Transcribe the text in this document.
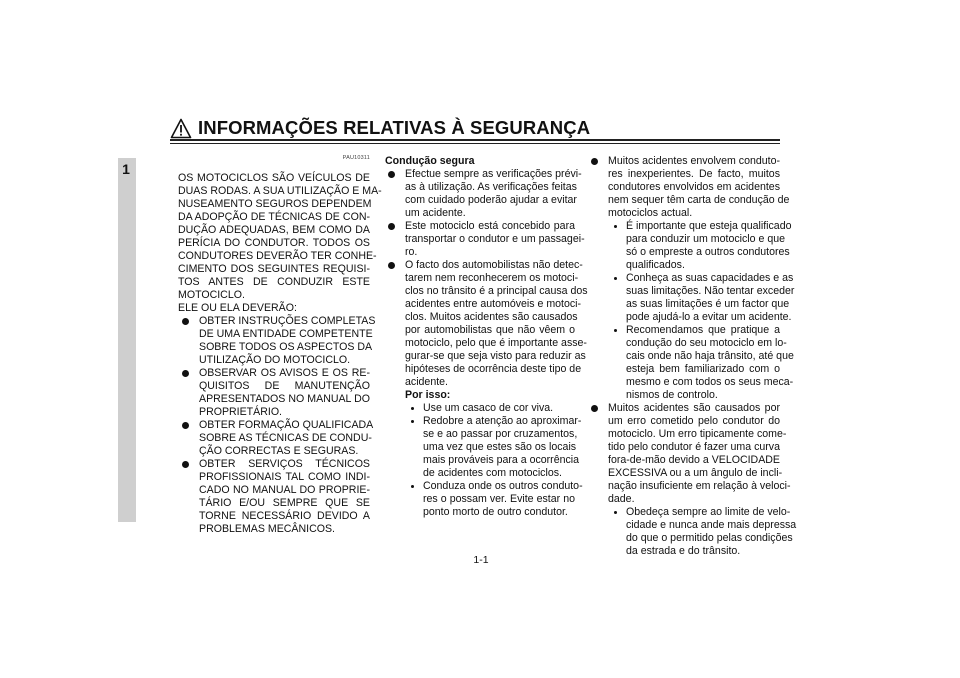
INFORMAÇÕES RELATIVAS À SEGURANÇA
1
PAU10311
OS MOTOCICLOS SÃO VEÍCULOS DE
DUAS RODAS. A SUA UTILIZAÇÃO E MA-
NUSEAMENTO SEGUROS DEPENDEM
DA ADOPÇÃO DE TÉCNICAS DE CON-
DUÇÃO ADEQUADAS, BEM COMO DA
PERÍCIA DO CONDUTOR. TODOS OS
CONDUTORES DEVERÃO TER CONHE-
CIMENTO DOS SEGUINTES REQUISI-
TOS ANTES DE CONDUZIR ESTE
MOTOCICLO.
ELE OU ELA DEVERÃO:
OBTER INSTRUÇÕES COMPLETAS
DE UMA ENTIDADE COMPETENTE
SOBRE TODOS OS ASPECTOS DA
UTILIZAÇÃO DO MOTOCICLO.
OBSERVAR OS AVISOS E OS RE-
QUISITOS DE MANUTENÇÃO
APRESENTADOS NO MANUAL DO
PROPRIETÁRIO.
OBTER FORMAÇÃO QUALIFICADA
SOBRE AS TÉCNICAS DE CONDU-
ÇÃO CORRECTAS E SEGURAS.
OBTER SERVIÇOS TÉCNICOS
PROFISSIONAIS TAL COMO INDI-
CADO NO MANUAL DO PROPRIE-
TÁRIO E/OU SEMPRE QUE SE
TORNE NECESSÁRIO DEVIDO A
PROBLEMAS MECÂNICOS.
Condução segura
Efectue sempre as verificações prévi-
as à utilização. As verificações feitas
com cuidado poderão ajudar a evitar
um acidente.
Este motociclo está concebido para
transportar o condutor e um passagei-
ro.
O facto dos automobilistas não detec-
tarem nem reconhecerem os motoci-
clos no trânsito é a principal causa dos
acidentes entre automóveis e motoci-
clos. Muitos acidentes são causados
por automobilistas que não vêem o
motociclo, pelo que é importante asse-
gurar-se que seja visto para reduzir as
hipóteses de ocorrência deste tipo de
acidente.
Por isso:
Use um casaco de cor viva.
Redobre a atenção ao aproximar-
se e ao passar por cruzamentos,
uma vez que estes são os locais
mais prováveis para a ocorrência
de acidentes com motociclos.
Conduza onde os outros conduto-
res o possam ver. Evite estar no
ponto morto de outro condutor.
Muitos acidentes envolvem conduto-
res inexperientes. De facto, muitos
condutores envolvidos em acidentes
nem sequer têm carta de condução de
motociclos actual.
É importante que esteja qualificado
para conduzir um motociclo e que
só o empreste a outros condutores
qualificados.
Conheça as suas capacidades e as
suas limitações. Não tentar exceder
as suas limitações é um factor que
pode ajudá-lo a evitar um acidente.
Recomendamos que pratique a
condução do seu motociclo em lo-
cais onde não haja trânsito, até que
esteja bem familiarizado com o
mesmo e com todos os seus meca-
nismos de controlo.
Muitos acidentes são causados por
um erro cometido pelo condutor do
motociclo. Um erro tipicamente come-
tido pelo condutor é fazer uma curva
fora-de-mão devido a VELOCIDADE
EXCESSIVA ou a um ângulo de incli-
nação insuficiente em relação à veloci-
dade.
Obedeça sempre ao limite de velo-
cidade e nunca ande mais depressa
do que o permitido pelas condições
da estrada e do trânsito.
1-1
